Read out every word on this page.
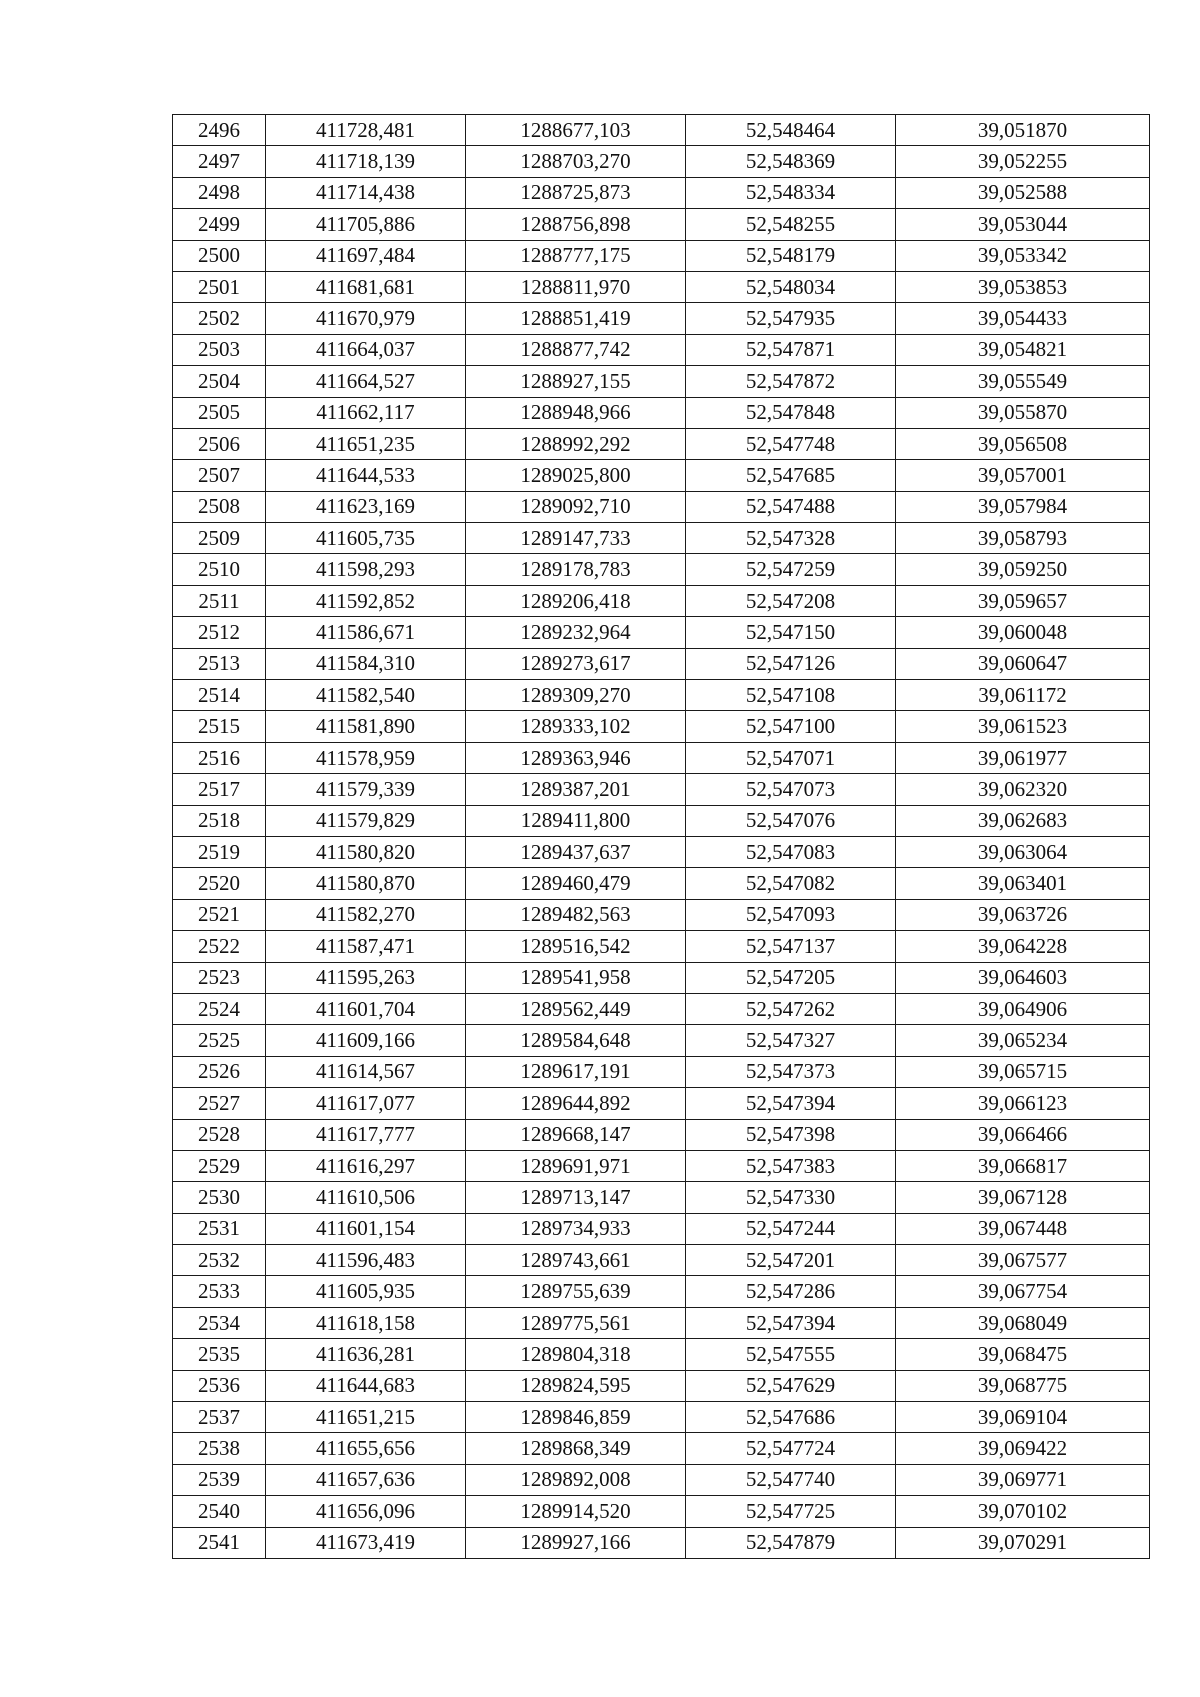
2496	411728,481	1288677,103	52,548464	39,051870
2497	411718,139	1288703,270	52,548369	39,052255
2498	411714,438	1288725,873	52,548334	39,052588
2499	411705,886	1288756,898	52,548255	39,053044
2500	411697,484	1288777,175	52,548179	39,053342
2501	411681,681	1288811,970	52,548034	39,053853
2502	411670,979	1288851,419	52,547935	39,054433
2503	411664,037	1288877,742	52,547871	39,054821
2504	411664,527	1288927,155	52,547872	39,055549
2505	411662,117	1288948,966	52,547848	39,055870
2506	411651,235	1288992,292	52,547748	39,056508
2507	411644,533	1289025,800	52,547685	39,057001
2508	411623,169	1289092,710	52,547488	39,057984
2509	411605,735	1289147,733	52,547328	39,058793
2510	411598,293	1289178,783	52,547259	39,059250
2511	411592,852	1289206,418	52,547208	39,059657
2512	411586,671	1289232,964	52,547150	39,060048
2513	411584,310	1289273,617	52,547126	39,060647
2514	411582,540	1289309,270	52,547108	39,061172
2515	411581,890	1289333,102	52,547100	39,061523
2516	411578,959	1289363,946	52,547071	39,061977
2517	411579,339	1289387,201	52,547073	39,062320
2518	411579,829	1289411,800	52,547076	39,062683
2519	411580,820	1289437,637	52,547083	39,063064
2520	411580,870	1289460,479	52,547082	39,063401
2521	411582,270	1289482,563	52,547093	39,063726
2522	411587,471	1289516,542	52,547137	39,064228
2523	411595,263	1289541,958	52,547205	39,064603
2524	411601,704	1289562,449	52,547262	39,064906
2525	411609,166	1289584,648	52,547327	39,065234
2526	411614,567	1289617,191	52,547373	39,065715
2527	411617,077	1289644,892	52,547394	39,066123
2528	411617,777	1289668,147	52,547398	39,066466
2529	411616,297	1289691,971	52,547383	39,066817
2530	411610,506	1289713,147	52,547330	39,067128
2531	411601,154	1289734,933	52,547244	39,067448
2532	411596,483	1289743,661	52,547201	39,067577
2533	411605,935	1289755,639	52,547286	39,067754
2534	411618,158	1289775,561	52,547394	39,068049
2535	411636,281	1289804,318	52,547555	39,068475
2536	411644,683	1289824,595	52,547629	39,068775
2537	411651,215	1289846,859	52,547686	39,069104
2538	411655,656	1289868,349	52,547724	39,069422
2539	411657,636	1289892,008	52,547740	39,069771
2540	411656,096	1289914,520	52,547725	39,070102
2541	411673,419	1289927,166	52,547879	39,070291
